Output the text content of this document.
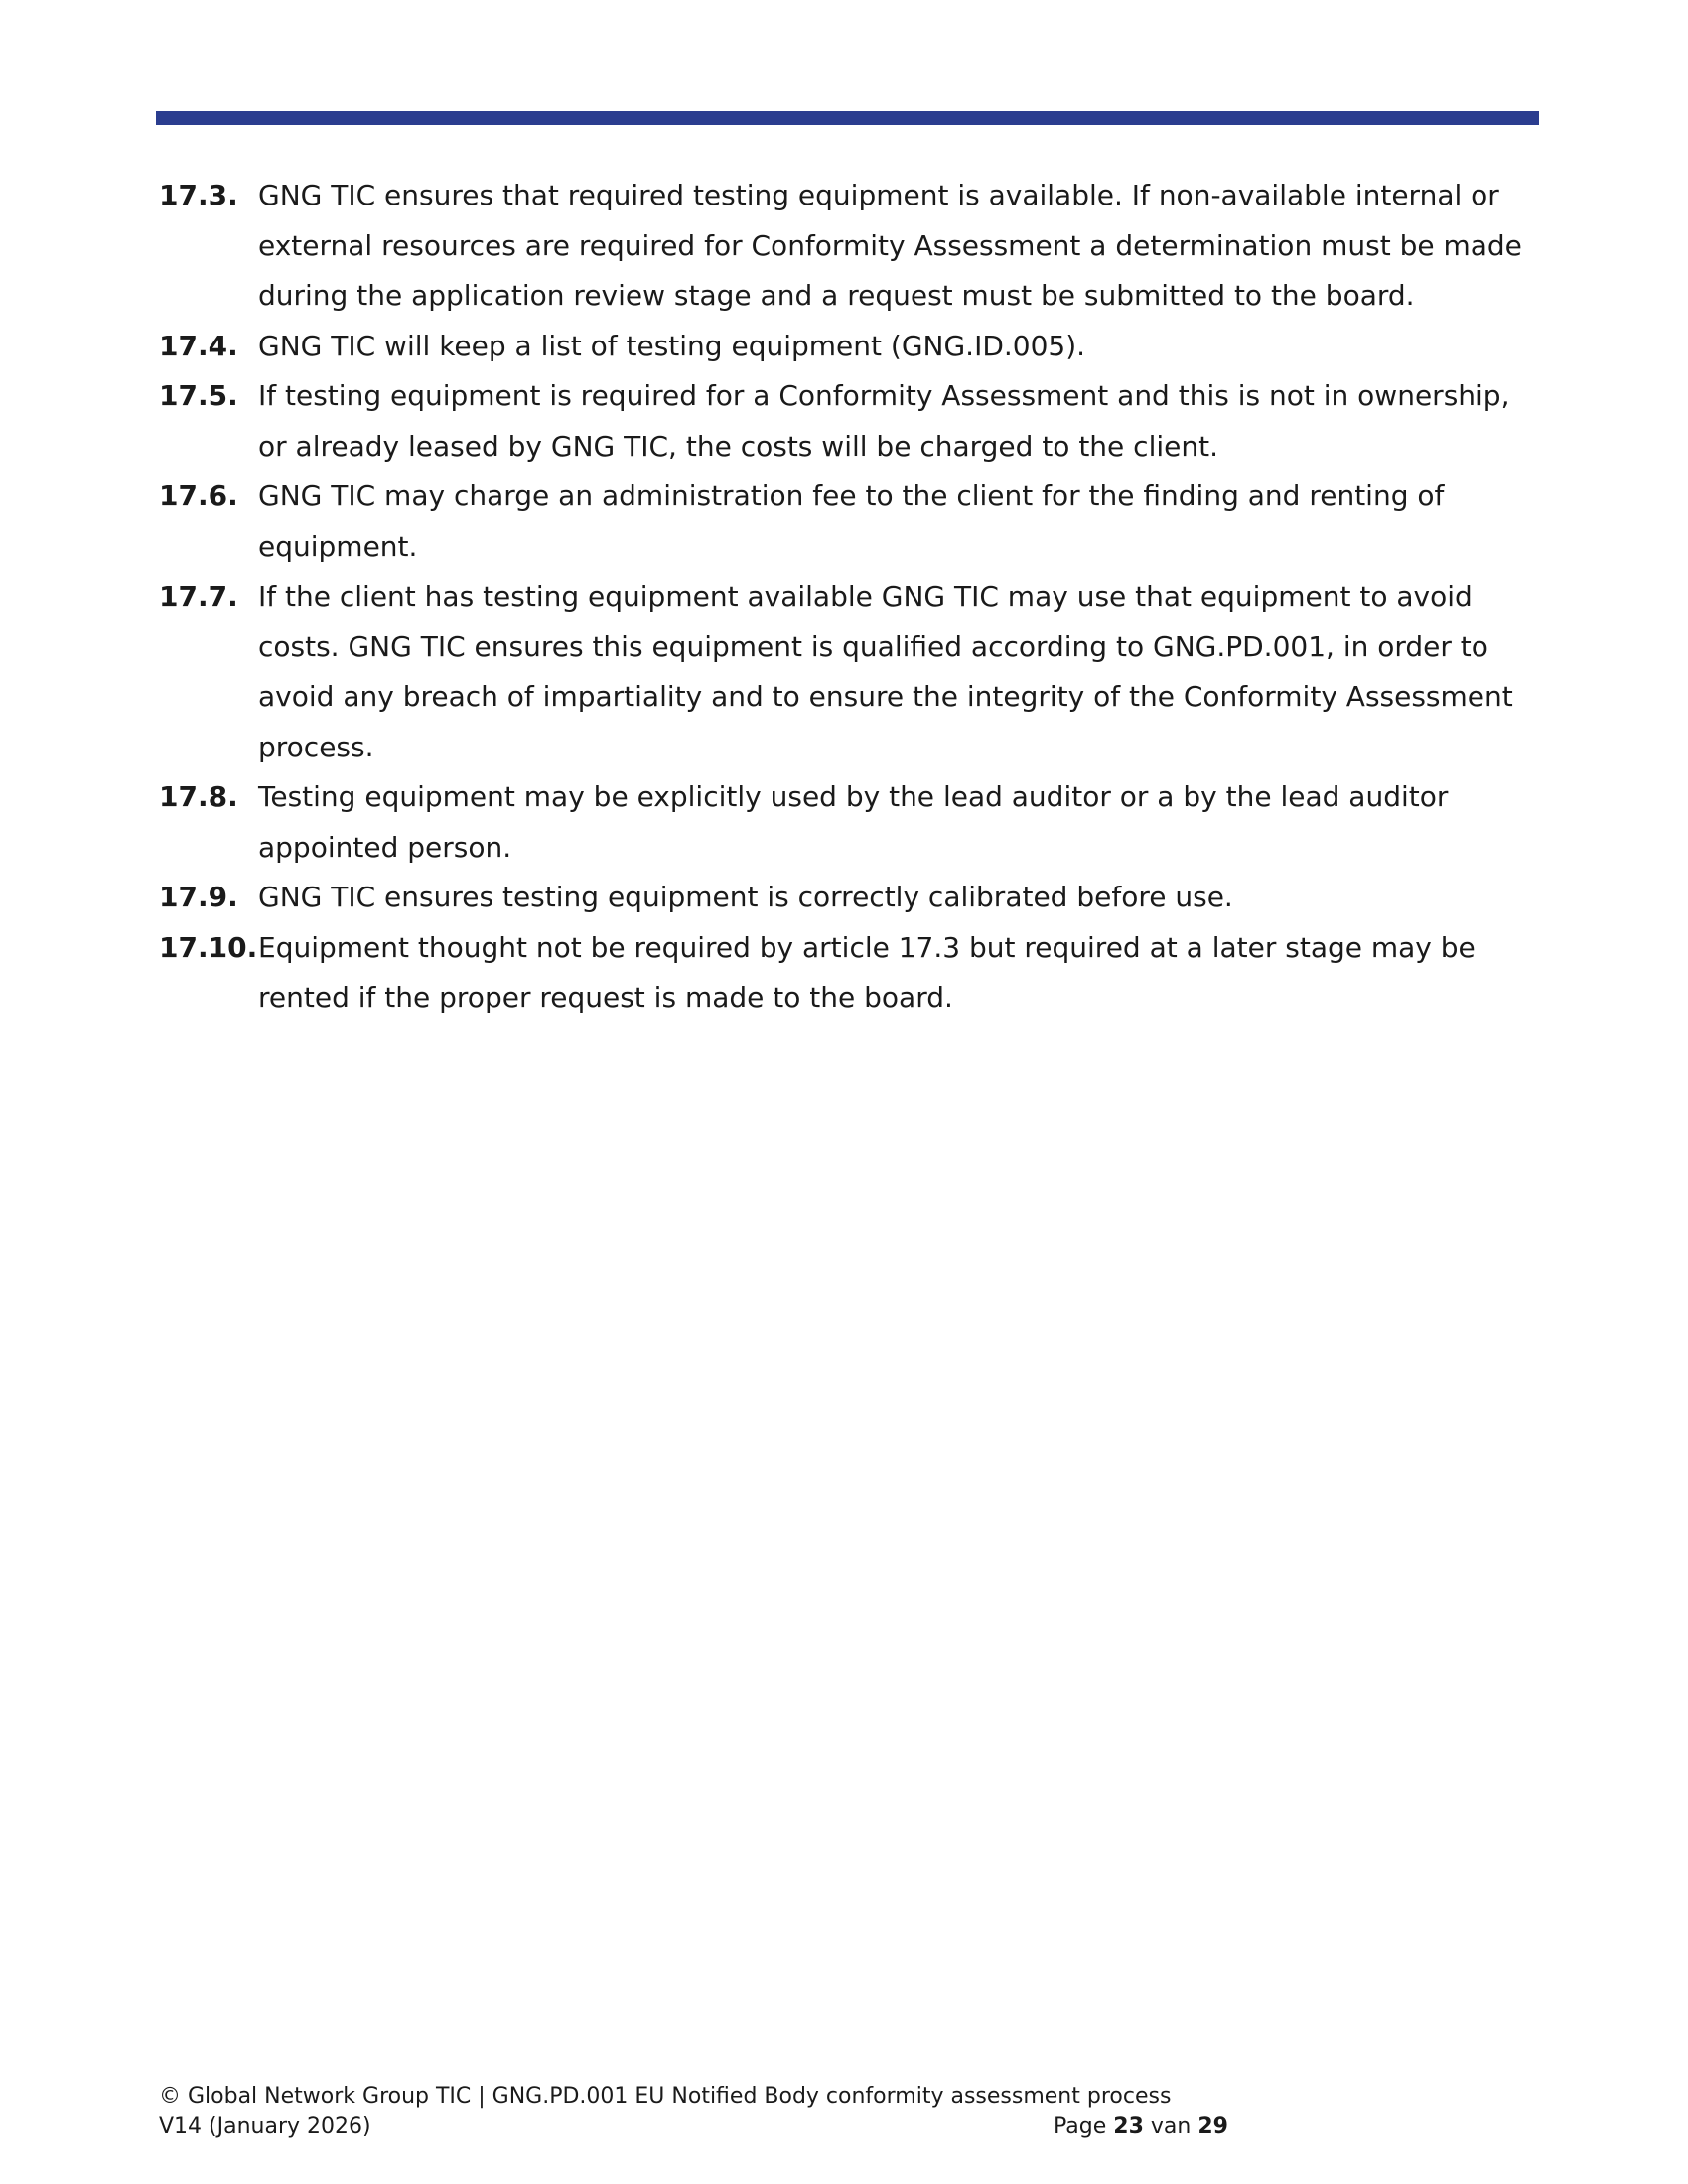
17.3. GNG TIC ensures that required testing equipment is available. If non-available internal or external resources are required for Conformity Assessment a determination must be made during the application review stage and a request must be submitted to the board.
17.4. GNG TIC will keep a list of testing equipment (GNG.ID.005).
17.5. If testing equipment is required for a Conformity Assessment and this is not in ownership, or already leased by GNG TIC, the costs will be charged to the client.
17.6. GNG TIC may charge an administration fee to the client for the finding and renting of equipment.
17.7. If the client has testing equipment available GNG TIC may use that equipment to avoid costs. GNG TIC ensures this equipment is qualified according to GNG.PD.001, in order to avoid any breach of impartiality and to ensure the integrity of the Conformity Assessment process.
17.8. Testing equipment may be explicitly used by the lead auditor or a by the lead auditor appointed person.
17.9. GNG TIC ensures testing equipment is correctly calibrated before use.
17.10. Equipment thought not be required by article 17.3 but required at a later stage may be rented if the proper request is made to the board.
© Global Network Group TIC | GNG.PD.001 EU Notified Body conformity assessment process
V14 (January 2026)	Page 23 van 29
